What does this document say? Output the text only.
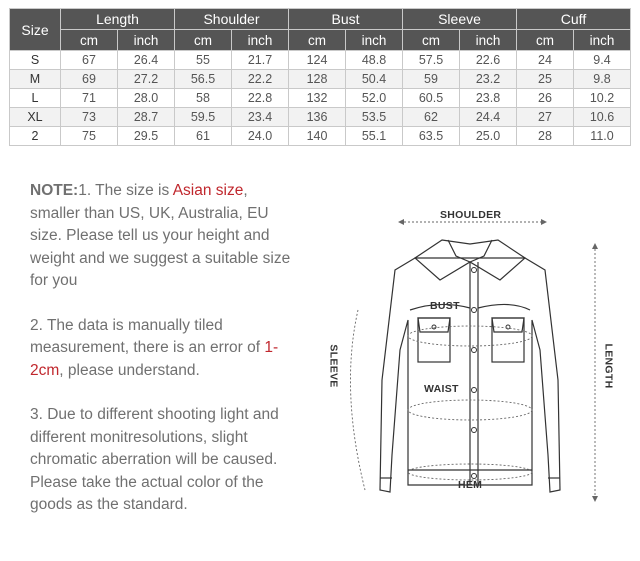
Size	Length		Shoulder		Bust		Sleeve		Cuff	
	cm	inch	cm	inch	cm	inch	cm	inch	cm	inch
S	67	26.4	55	21.7	124	48.8	57.5	22.6	24	9.4
M	69	27.2	56.5	22.2	128	50.4	59	23.2	25	9.8
L	71	28.0	58	22.8	132	52.0	60.5	23.8	26	10.2
XL	73	28.7	59.5	23.4	136	53.5	62	24.4	27	10.6
2	75	29.5	61	24.0	140	55.1	63.5	25.0	28	11.0

NOTE:1. The size is Asian size, smaller than US, UK, Australia, EU size. Please tell us your height and weight and we suggest a suitable size for you

2. The data is manually tiled measurement, there is an error of 1-2cm, please understand.

3. Due to different shooting light and different monitresolutions, slight chromatic aberration will be caused. Please take the actual color of the goods as the standard.

SHOULDER
BUST
WAIST
HEM
SLEEVE	LENGTH
